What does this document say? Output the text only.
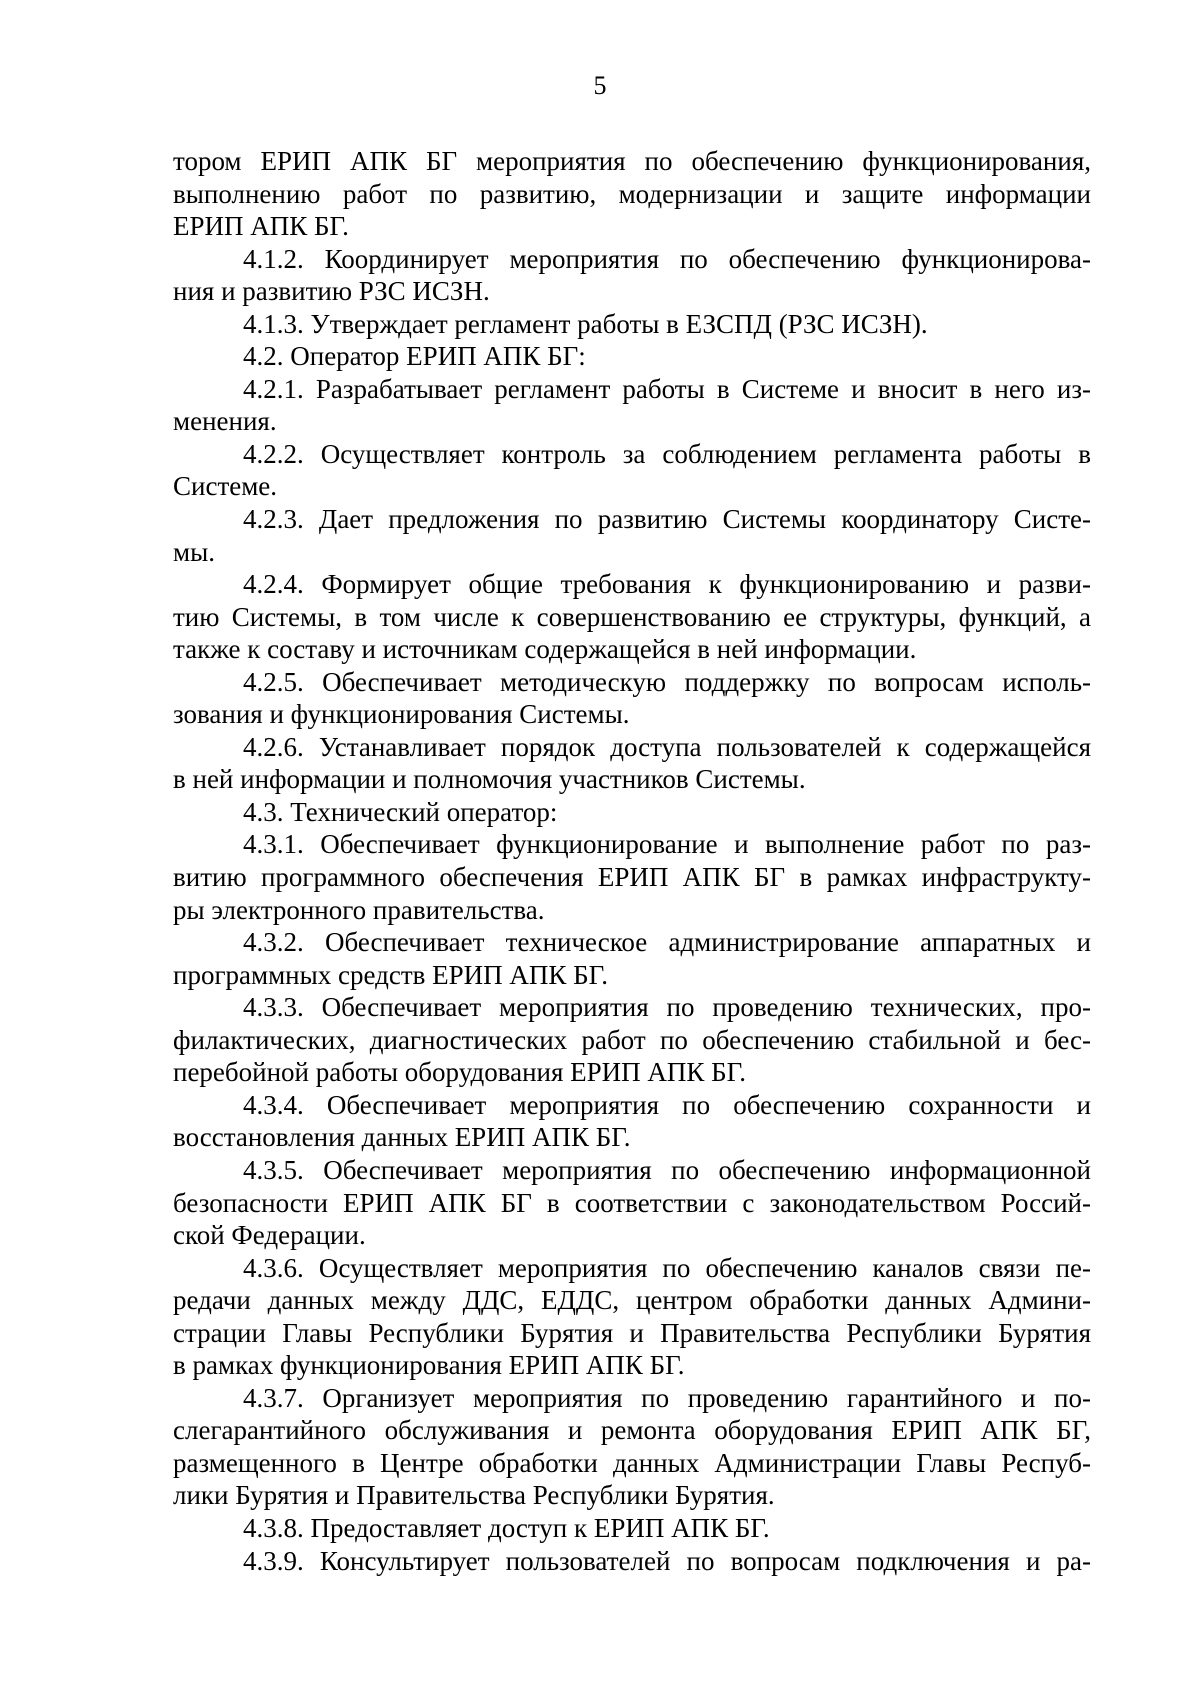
5
тором ЕРИП АПК БГ мероприятия по обеспечению функционирования,
выполнению работ по развитию, модернизации и защите информации
ЕРИП АПК БГ.
4.1.2. Координирует мероприятия по обеспечению функционирова-
ния и развитию РЗС ИСЗН.
4.1.3. Утверждает регламент работы в ЕЗСПД (РЗС ИСЗН).
4.2. Оператор ЕРИП АПК БГ:
4.2.1. Разрабатывает регламент работы в Системе и вносит в него из-
менения.
4.2.2. Осуществляет контроль за соблюдением регламента работы в
Системе.
4.2.3. Дает предложения по развитию Системы координатору Систе-
мы.
4.2.4. Формирует общие требования к функционированию и разви-
тию Системы, в том числе к совершенствованию ее структуры, функций, а
также к составу и источникам содержащейся в ней информации.
4.2.5. Обеспечивает методическую поддержку по вопросам исполь-
зования и функционирования Системы.
4.2.6. Устанавливает порядок доступа пользователей к содержащейся
в ней информации и полномочия участников Системы.
4.3. Технический оператор:
4.3.1. Обеспечивает функционирование и выполнение работ по раз-
витию программного обеспечения ЕРИП АПК БГ в рамках инфраструкту-
ры электронного правительства.
4.3.2. Обеспечивает техническое администрирование аппаратных и
программных средств ЕРИП АПК БГ.
4.3.3. Обеспечивает мероприятия по проведению технических, про-
филактических, диагностических работ по обеспечению стабильной и бес-
перебойной работы оборудования ЕРИП АПК БГ.
4.3.4. Обеспечивает мероприятия по обеспечению сохранности и
восстановления данных ЕРИП АПК БГ.
4.3.5. Обеспечивает мероприятия по обеспечению информационной
безопасности ЕРИП АПК БГ в соответствии с законодательством Россий-
ской Федерации.
4.3.6. Осуществляет мероприятия по обеспечению каналов связи пе-
редачи данных между ДДС, ЕДДС, центром обработки данных Админи-
страции Главы Республики Бурятия и Правительства Республики Бурятия
в рамках функционирования ЕРИП АПК БГ.
4.3.7. Организует мероприятия по проведению гарантийного и по-
слегарантийного обслуживания и ремонта оборудования ЕРИП АПК БГ,
размещенного в Центре обработки данных Администрации Главы Респуб-
лики Бурятия и Правительства Республики Бурятия.
4.3.8. Предоставляет доступ к ЕРИП АПК БГ.
4.3.9. Консультирует пользователей по вопросам подключения и ра-
